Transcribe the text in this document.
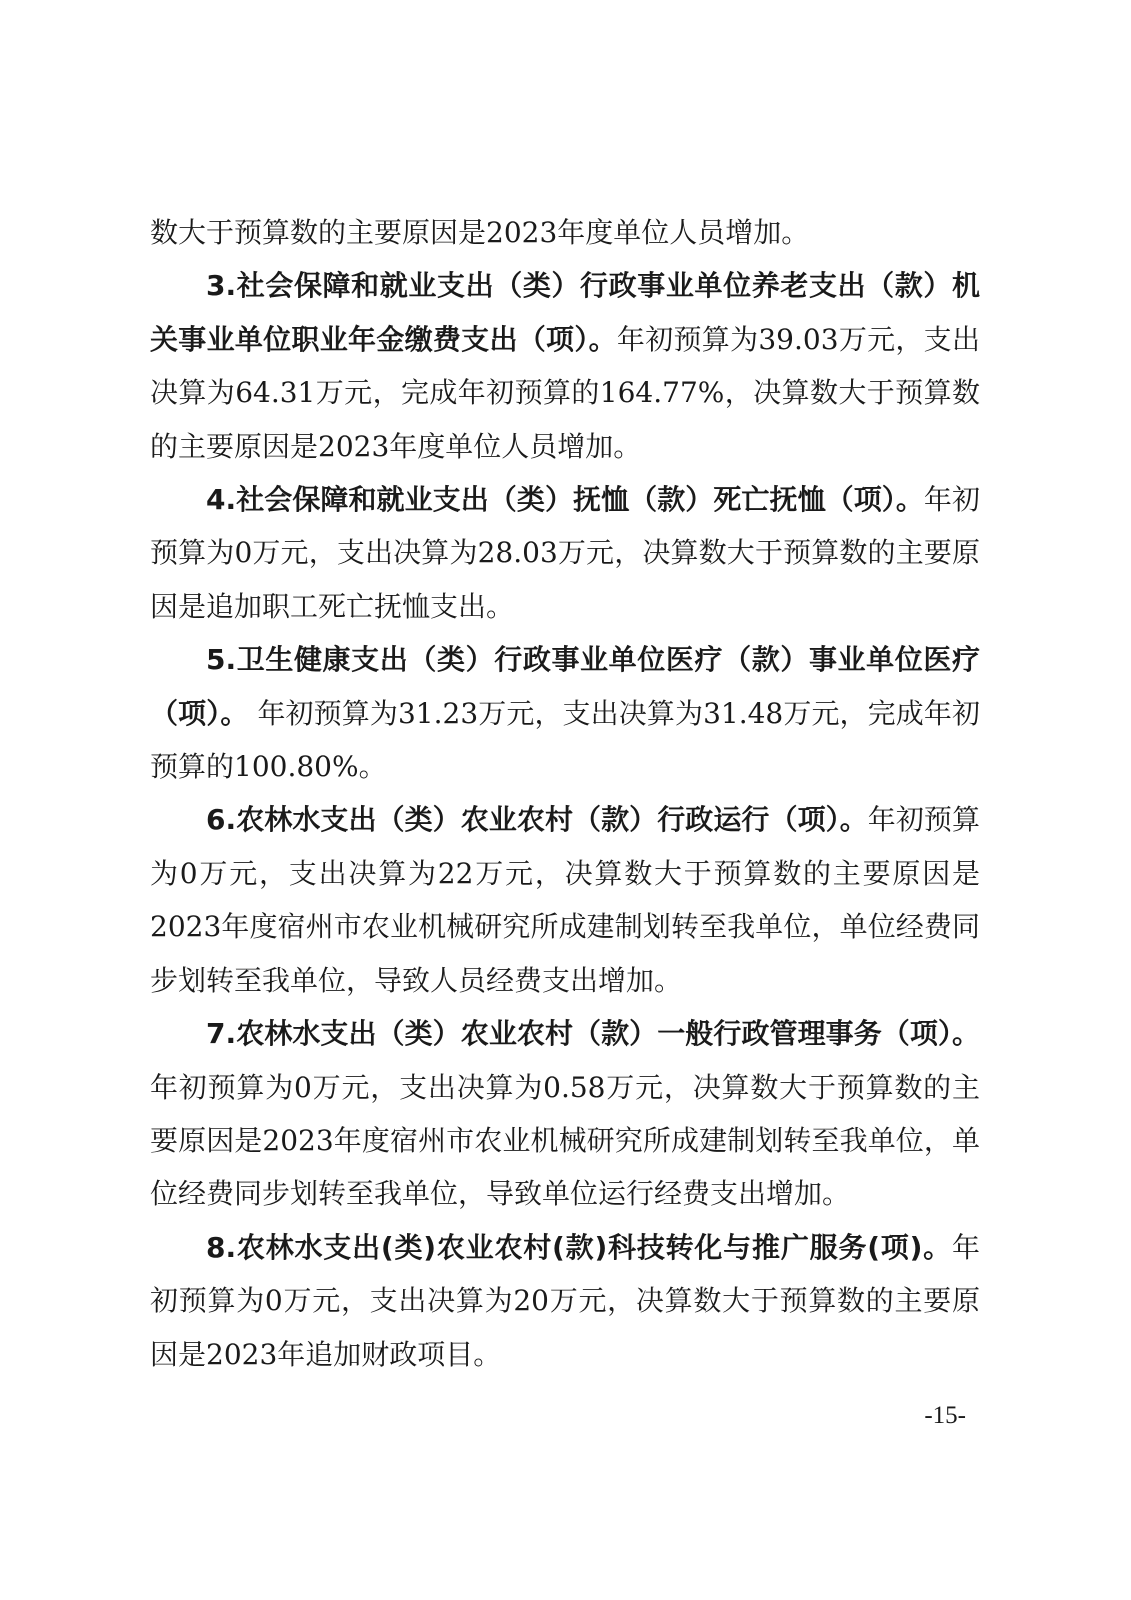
数大于预算数的主要原因是2023年度单位人员增加。

3.社会保障和就业支出（类）行政事业单位养老支出（款）机关事业单位职业年金缴费支出（项）。年初预算为39.03万元，支出决算为64.31万元，完成年初预算的164.77%，决算数大于预算数的主要原因是2023年度单位人员增加。

4.社会保障和就业支出（类）抚恤（款）死亡抚恤（项）。年初预算为0万元，支出决算为28.03万元，决算数大于预算数的主要原因是追加职工死亡抚恤支出。

5.卫生健康支出（类）行政事业单位医疗（款）事业单位医疗（项）。 年初预算为31.23万元，支出决算为31.48万元，完成年初预算的100.80%。

6.农林水支出（类）农业农村（款）行政运行（项）。年初预算为0万元，支出决算为22万元，决算数大于预算数的主要原因是2023年度宿州市农业机械研究所成建制划转至我单位，单位经费同步划转至我单位，导致人员经费支出增加。

7.农林水支出（类）农业农村（款）一般行政管理事务（项）。年初预算为0万元，支出决算为0.58万元，决算数大于预算数的主要原因是2023年度宿州市农业机械研究所成建制划转至我单位，单位经费同步划转至我单位，导致单位运行经费支出增加。

8.农林水支出(类)农业农村(款)科技转化与推广服务(项)。年初预算为0万元，支出决算为20万元，决算数大于预算数的主要原因是2023年追加财政项目。

-15-
